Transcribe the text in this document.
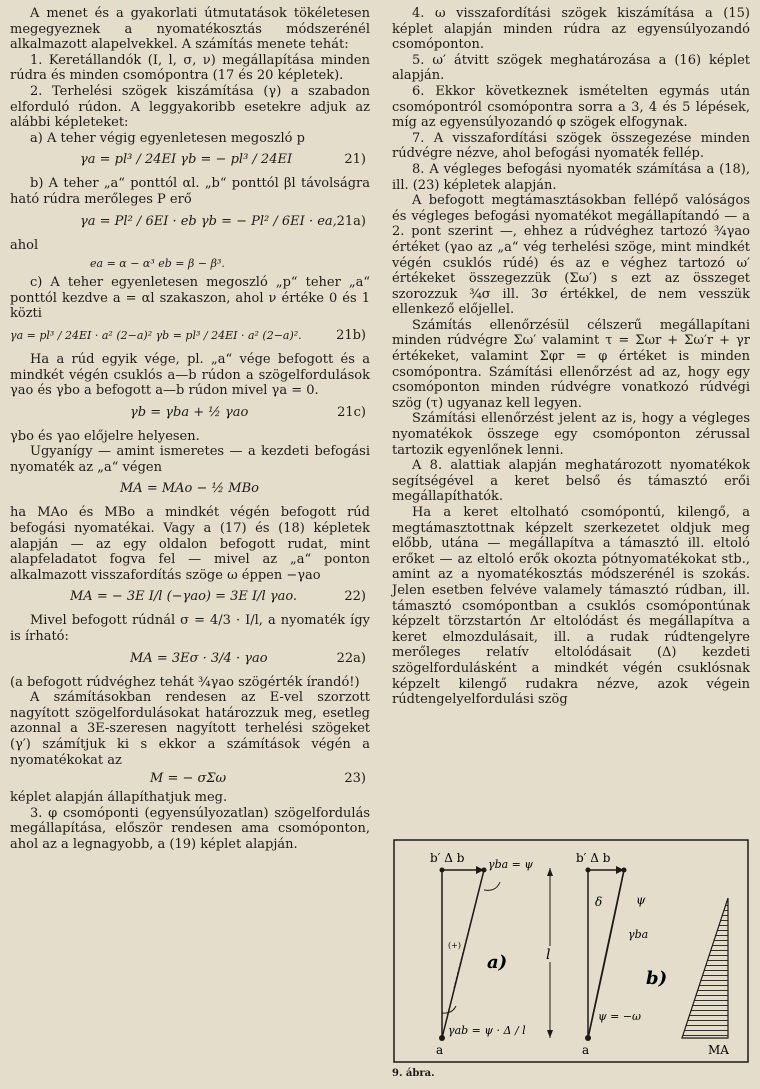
A menet és a gyakorlati útmutatások tökéletesen megegyeznek a nyomatékosztás módszerénél alkalmazott alapelvekkel. A számítás menete tehát:

1. Keretállandók (I, l, σ, ν) megállapítása minden rúdra és minden csomópontra (17 és 20 képletek).

2. Terhelési szögek kiszámítása (γ) a szabadon elforduló rúdon. A leggyakoribb esetekre adjuk az alábbi képleteket:

a) A teher végig egyenletesen megoszló p

γa = pl³ / 24EI γb = − pl³ / 24EI	21)

b) A teher „a“ ponttól αl. „b“ ponttól βl távolságra ható rúdra merőleges P erő

γa = Pl² / 6EI · eb γb = − Pl² / 6EI · ea, 21a)

ahol

ea = α − α³ eb = β − β³.

c) A teher egyenletesen megoszló „p“ teher „a“ ponttól kezdve a = αl szakaszon, ahol ν értéke 0 és 1 közti

γa = pl³ / 24EI · a² (2−a)² γb = pl³ / 24EI · a² (2−a)².	21b)

Ha a rúd egyik vége, pl. „a“ vége befogott és a mindkét végén csuklós a—b rúdon a szögelfordulások γao és γbo a befogott a—b rúdon mivel γa = 0.

γb = γba + ½ γao	21c)

γbo és γao előjelre helyesen.

Ugyanígy — amint ismeretes — a kezdeti befogási nyomaték az „a“ végen

MA = MAo − ½ MBo

ha MAo és MBo a mindkét végén befogott rúd befogási nyomatékai. Vagy a (17) és (18) képletek alapján — az egy oldalon befogott rudat, mint alapfeladatot fogva fel — mivel az „a“ ponton alkalmazott visszafordítás szöge ω éppen −γao

MA = − 3E I/l (−γao) = 3E I/l γao.	22)

Mivel befogott rúdnál σ = 4/3 · I/l, a nyomaték így is írható:

MA = 3Eσ · 3/4 · γao	22a)

(a befogott rúdvéghez tehát ¾γao szögérték írandó!)

A számításokban rendesen az E-vel szorzott nagyított szögelfordulásokat határozzuk meg, esetleg azonnal a 3E-szeresen nagyított terhelési szögeket (γ′) számítjuk ki s ekkor a számítások végén a nyomatékokat az

M = − σΣω	23)

képlet alapján állapíthatjuk meg.

3. φ csomóponti (egyensúlyozatlan) szögelfordulás megállapítása, először rendesen ama csomóponton, ahol az a legnagyobb, a (19) képlet alapján.

4. ω visszafordítási szögek kiszámítása a (15) képlet alapján minden rúdra az egyensúlyozandó csomóponton.

5. ω′ átvitt szögek meghatározása a (16) képlet alapján.

6. Ekkor következnek ismételten egymás után csomópontról csomópontra sorra a 3, 4 és 5 lépések, míg az egyensúlyozandó φ szögek elfogynak.

7. A visszafordítási szögek összegezése minden rúdvégre nézve, ahol befogási nyomaték fellép.

8. A végleges befogási nyomaték számítása a (18), ill. (23) képletek alapján.

A befogott megtámasztásokban fellépő valóságos és végleges befogási nyomatékot megállapítandó — a 2. pont szerint —, ehhez a rúdvéghez tartozó ¾γao értéket (γao az „a“ vég terhelési szöge, mint mindkét végén csuklós rúdé) és az e véghez tartozó ω′ értékeket összegezzük (Σω′) s ezt az összeget szorozzuk ¾σ ill. 3σ értékkel, de nem vesszük ellenkező előjellel.

Számítás ellenőrzésül célszerű megállapítani minden rúdvégre Σω′ valamint τ = Σωr + Σω′r + γr értékeket, valamint Σφr = φ értéket is minden csomópontra. Számítási ellenőrzést ad az, hogy egy csomóponton minden rúdvégre vonatkozó rúdvégi szög (τ) ugyanaz kell legyen.

Számítási ellenőrzést jelent az is, hogy a végleges nyomatékok összege egy csomóponton zérussal tartozik egyenlőnek lenni.

A 8. alattiak alapján meghatározott nyomatékok segítségével a keret belső és támasztó erői megállapíthatók.

Ha a keret eltolható csomópontú, kilengő, a megtámasztottnak képzelt szerkezetet oldjuk meg előbb, utána — megállapítva a támasztó ill. eltoló erőket — az eltoló erők okozta pótnyomatékokat stb., amint az a nyomatékosztás módszerénél is szokás. Jelen esetben felvéve valamely támasztó rúdban, ill. támasztó csomópontban a csuklós csomópontúnak képzelt törzstartón Δr eltolódást és megállapítva a keret elmozdulásait, ill. a rudak rúdtengelyre merőleges relatív eltolódásait (Δ) kezdeti szögelfordulásként a mindkét végén csuklósnak képzelt kilengő rudakra nézve, azok végein rúdtengelyelfordulási szög

b′ Δ b γba = ψ
a)
γab = ψ · Δ / l
a
(+)
l
b′ Δ b
δ	ψ
γba
b)
ψ = −ω
a	MA
9. ábra.
